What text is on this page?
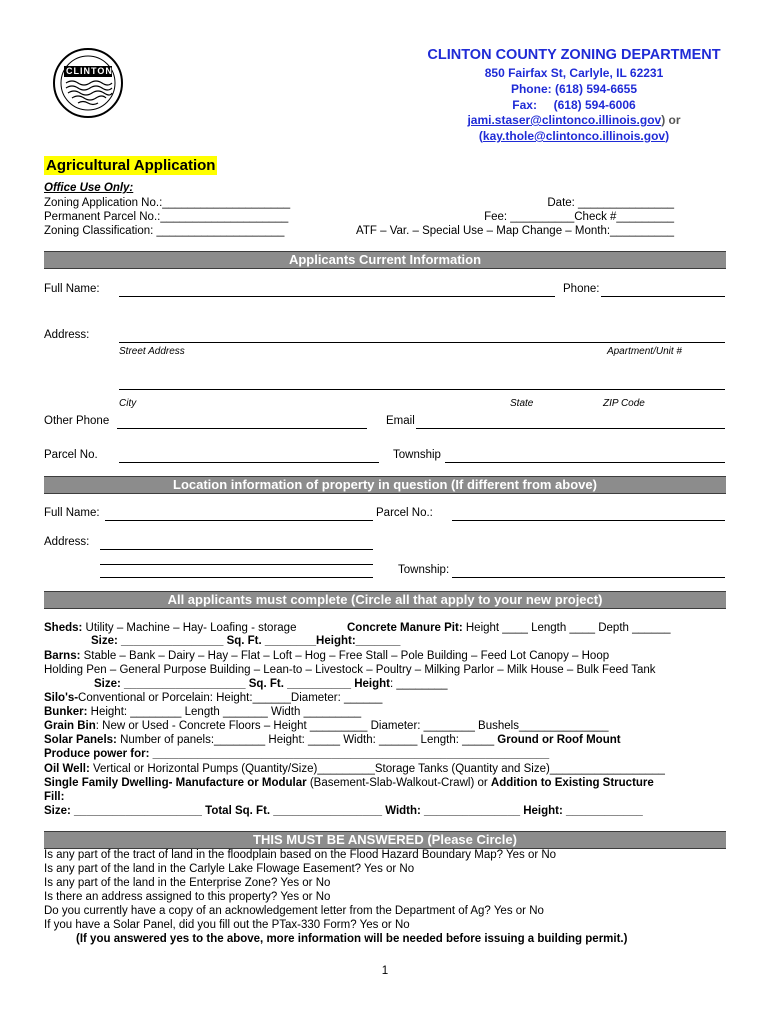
CLINTON
CLINTON COUNTY ZONING DEPARTMENT
850 Fairfax St, Carlyle, IL 62231
Phone: (618) 594-6655
Fax:     (618) 594-6006
jami.staser@clintonco.illinois.gov) or
(kay.thole@clintonco.illinois.gov)
Agricultural Application
Office Use Only:
Zoning Application No.:____________________
Permanent Parcel No.:____________________
Zoning Classification: ____________________
Date: _______________
Fee: __________Check #_________
ATF – Var. – Special Use – Map Change – Month:__________
Applicants Current Information
Full Name:	Phone:
Address:
Street Address	Apartment/Unit #
City	State	ZIP Code
Other Phone	Email
Parcel No.	Township
Location information of property in question (If different from above)
Full Name:	Parcel No.:
Address:
Township:
All applicants must complete (Circle all that apply to your new project)
Sheds: Utility – Machine – Hay- Loafing - storage	Concrete Manure Pit: Height ____ Length ____ Depth ______
Size: ________________ Sq. Ft. ________Height:_______
Barns: Stable – Bank – Dairy – Hay – Flat – Loft – Hog – Free Stall – Pole Building – Feed Lot Canopy – Hoop
Holding Pen – General Purpose Building – Lean-to – Livestock – Poultry – Milking Parlor – Milk House – Bulk Feed Tank
Size: ___________________ Sq. Ft. __________ Height: ________
Silo's-Conventional or Porcelain: Height:______Diameter: ______
Bunker: Height: ________ Length _______ Width _________
Grain Bin: New or Used - Concrete Floors – Height _________ Diameter: ________ Bushels______________
Solar Panels: Number of panels:________ Height: _____ Width: ______ Length: _____ Ground or Roof Mount
Produce power for: ______________________________________________________________
Oil Well: Vertical or Horizontal Pumps (Quantity/Size)_________Storage Tanks (Quantity and Size)__________________
Single Family Dwelling- Manufacture or Modular (Basement-Slab-Walkout-Crawl) or Addition to Existing Structure
Fill:
Size: ____________________ Total Sq. Ft. _________________ Width: _______________ Height: ____________
THIS MUST BE ANSWERED (Please Circle)
Is any part of the tract of land in the floodplain based on the Flood Hazard Boundary Map? Yes or No
Is any part of the land in the Carlyle Lake Flowage Easement? Yes or No
Is any part of the land in the Enterprise Zone? Yes or No
Is there an address assigned to this property? Yes or No
Do you currently have a copy of an acknowledgement letter from the Department of Ag? Yes or No
If you have a Solar Panel, did you fill out the PTax-330 Form? Yes or No
(If you answered yes to the above, more information will be needed before issuing a building permit.)
1
